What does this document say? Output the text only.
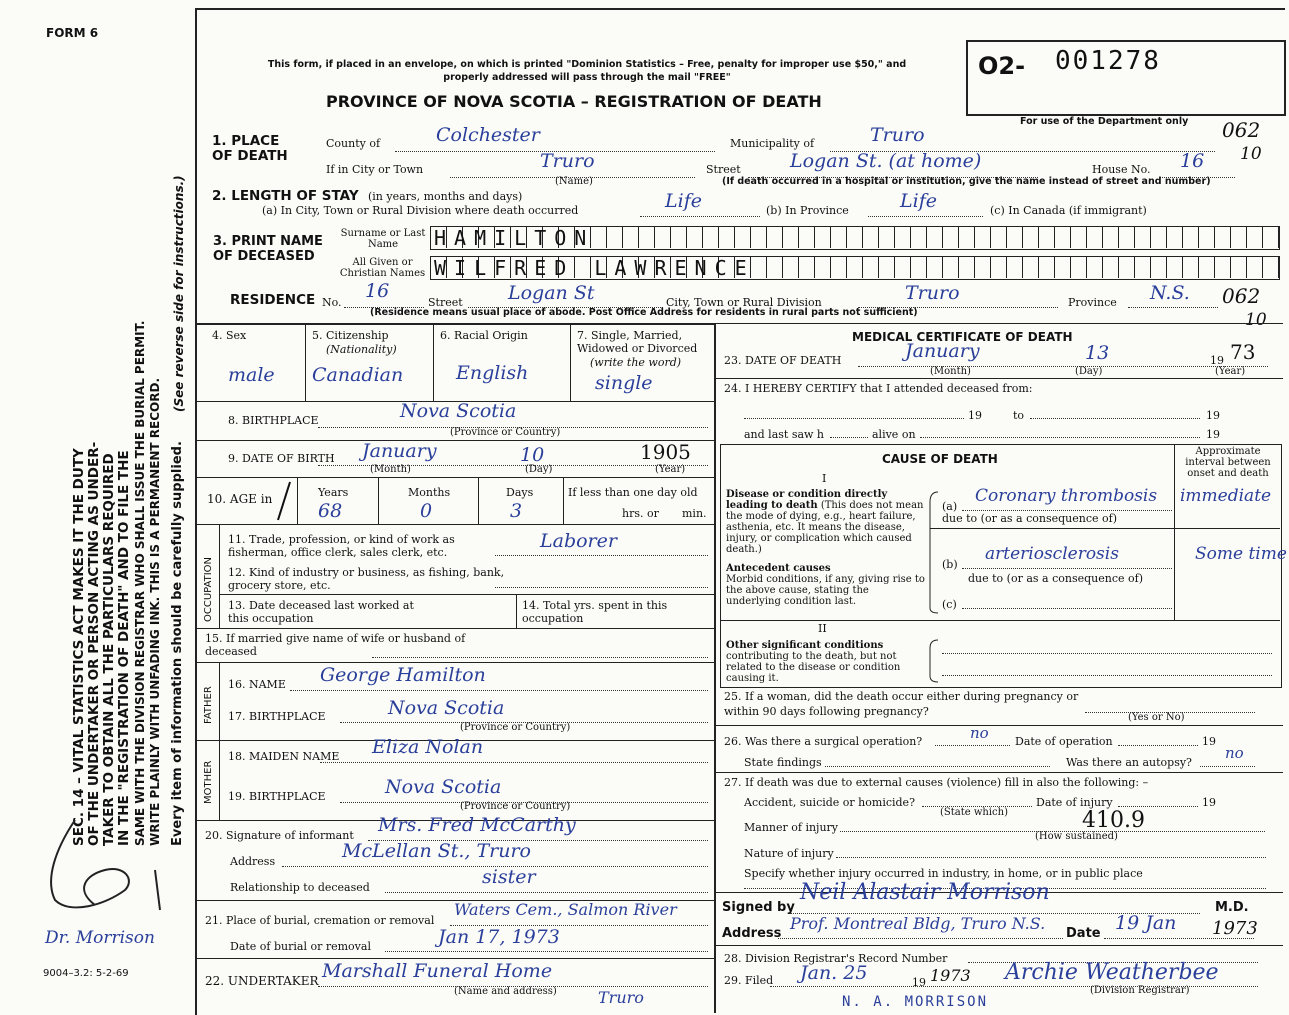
FORM 6
SEC. 14 – VITAL STATISTICS ACT MAKES IT THE DUTY OF THE UNDERTAKER OR PERSON ACTING AS UNDER- TAKER TO OBTAIN ALL THE PARTICULARS REQUIRED IN THE "REGISTRATION OF DEATH" AND TO FILE THE SAME WITH THE DIVISION REGISTRAR WHO SHALL ISSUE THE BURIAL PERMIT. WRITE PLAINLY WITH UNFADING INK. THIS IS A PERMANENT RECORD. Every item of information should be carefully supplied.
(See reverse side for instructions.)
Dr. Morrison
9004–3.2: 5-2-69
This form, if placed in an envelope, on which is printed "Dominion Statistics – Free, penalty for improper use $50," and properly addressed will pass through the mail "FREE"
PROVINCE OF NOVA SCOTIA – REGISTRATION OF DEATH
O2- 001278
For use of the Department only 062
10
062
10
1. PLACE OF DEATH
County of	Colchester	Municipality of	Truro
If in City or Town	Truro
(Name)
Street	Logan St. (at home)	House No. 16
(If death occurred in a hospital or institution, give the name instead of street and number)
2. LENGTH OF STAY (in years, months and days)
(a) In City, Town or Rural Division where death occurred	Life	(b) In Province	Life	(c) In Canada (if immigrant)
3. PRINT NAME OF DECEASED
Surname or Last Name
All Given or Christian Names
HAMILTON
WILFRED LAWRENCE
RESIDENCE No.
16
Street Logan St	City, Town or Rural Division	Truro	Province N.S.
(Residence means usual place of abode. Post Office Address for residents in rural parts not sufficient)
4. Sex
male
5. Citizenship
(Nationality)
Canadian
6. Racial Origin
English
7. Single, Married, Widowed or Divorced
(write the word)
single
8. BIRTHPLACE	Nova Scotia
(Province or Country)
9. DATE OF BIRTH January	10	1905
(Month)	(Day)	(Year)
10. AGE in	Years
68
Months
0
Days
3
If less than one day old
hrs. or min.
OCCUPATION
11. Trade, profession, or kind of work as fisherman, office clerk, sales clerk, etc.
Laborer
12. Kind of industry or business, as fishing, bank, grocery store, etc.
13. Date deceased last worked at this occupation
14. Total yrs. spent in this occupation
15. If married give name of wife or husband of deceased
FATHER
16. NAME George Hamilton
17. BIRTHPLACE	Nova Scotia
(Province or Country)
MOTHER
18. MAIDEN NAME Eliza Nolan
19. BIRTHPLACE	Nova Scotia
(Province or Country)
20. Signature of informant Mrs. Fred McCarthy
Address	McLellan St., Truro
Relationship to deceased	sister
21. Place of burial, cremation or removal
Waters Cem., Salmon River
Date of burial or removal	Jan 17, 1973
22. UNDERTAKER Marshall Funeral Home
(Name and address)	Truro
MEDICAL CERTIFICATE OF DEATH
23. DATE OF DEATH	January	13	19 73
(Month)	(Day)	(Year)
24. I HEREBY CERTIFY that I attended deceased from:
19	to	19
and last saw h	alive on	19
CAUSE OF DEATH
Approximate interval between onset and death
I
Disease or condition directly leading to death (This does not mean the mode of dying, e.g., heart failure, asthenia, etc. It means the disease, injury, or complication which caused death.)
(a)
Coronary thrombosis immediate
due to (or as a consequence of)
Antecedent causes
Morbid conditions, if any, giving rise to the above cause, stating the underlying condition last.
(b)
arteriosclerosis	Some time
due to (or as a consequence of)
(c)
II
Other significant conditions
contributing to the death, but not related to the disease or condition causing it.
25. If a woman, did the death occur either during pregnancy or within 90 days following pregnancy?	(Yes or No)
26. Was there a surgical operation?	no Date of operation	19
State findings	Was there an autopsy?
no
27. If death was due to external causes (violence) fill in also the following: –
Accident, suicide or homicide?	Date of injury	19
(State which)
Manner of injury	410.9
(How sustained)
Nature of injury
Specify whether injury occurred in industry, in home, or in public place
Signed by
Neil Alastair Morrison
M.D.
Address
Prof. Montreal Bldg, Truro N.S.
Date 19 Jan 1973
28. Division Registrar's Record Number
29. Filed Jan. 25	19 1973 Archie Weatherbee
(Division Registrar)
N. A. MORRISON
